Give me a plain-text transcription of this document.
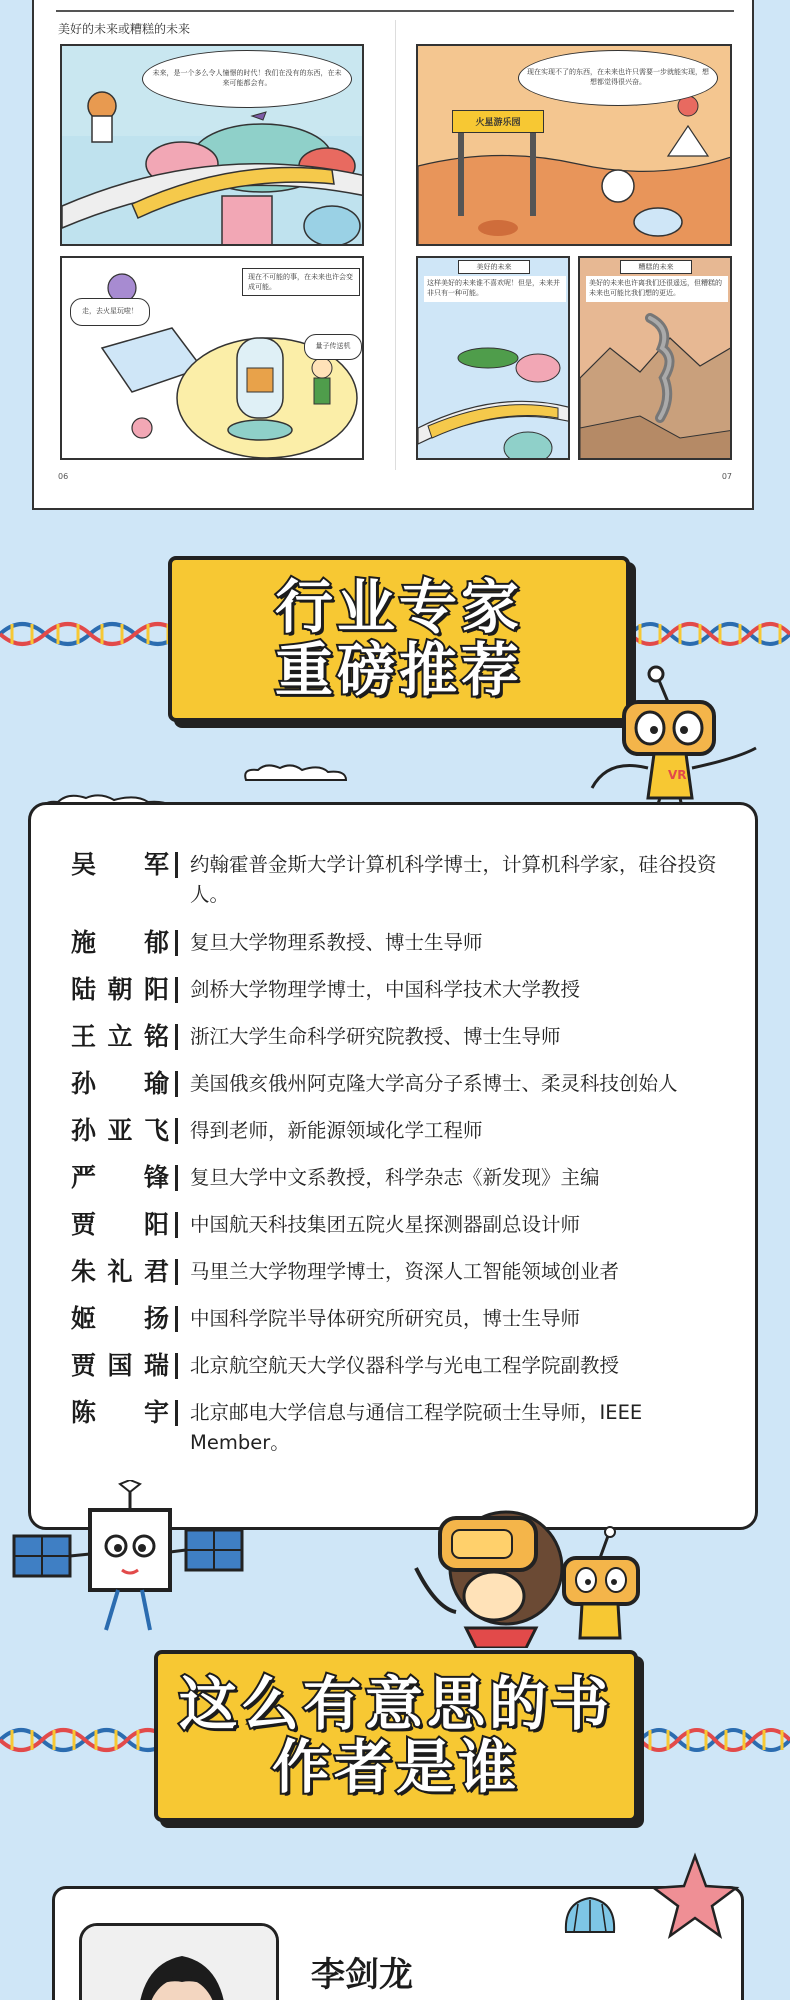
美好的未来或糟糕的未来
未来，是一个多么令人憧憬的时代！我们在没有的东西，在未来可能都会有。
火星游乐园
现在实现不了的东西，在未来也许只需要一步就能实现，想想都觉得很兴奋。
现在不可能的事，在未来也许会变成可能。
走，去火星玩啦！
量子传送机
美好的未来
这样美好的未来谁不喜欢呢！但是，未来并非只有一种可能。
糟糕的未来
美好的未来也许离我们还很遥远，但糟糕的未来也可能比我们想的更近。
06	07
行业专家
重磅推荐
VR
吴军	约翰霍普金斯大学计算机科学博士，计算机科学家，硅谷投资人。
施郁	复旦大学物理系教授、博士生导师
陆朝阳	剑桥大学物理学博士，中国科学技术大学教授
王立铭	浙江大学生命科学研究院教授、博士生导师
孙瑜	美国俄亥俄州阿克隆大学高分子系博士、柔灵科技创始人
孙亚飞	得到老师，新能源领域化学工程师
严锋	复旦大学中文系教授，科学杂志《新发现》主编
贾阳	中国航天科技集团五院火星探测器副总设计师
朱礼君	马里兰大学物理学博士，资深人工智能领域创业者
姬扬	中国科学院半导体研究所研究员，博士生导师
贾国瑞	北京航空航天大学仪器科学与光电工程学院副教授
陈宇	北京邮电大学信息与通信工程学院硕士生导师，IEEE Member。
这么有意思的书
作者是谁
李剑龙
